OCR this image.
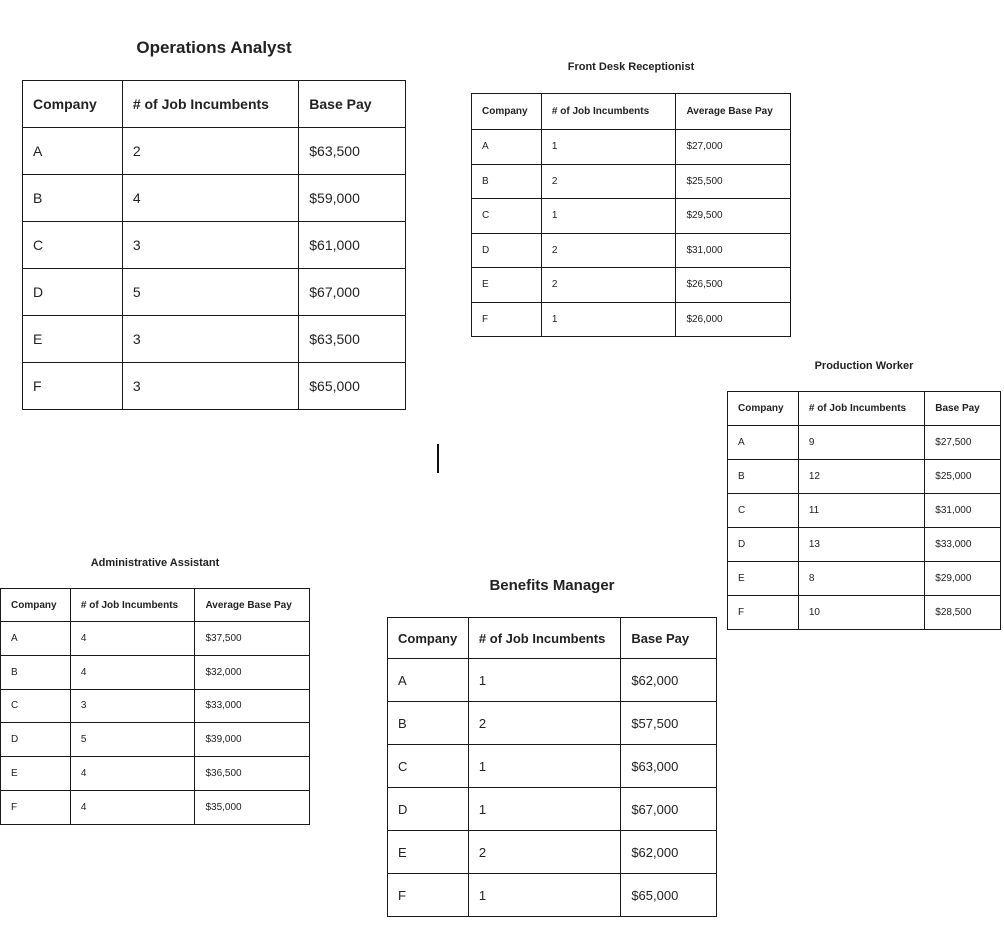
Operations Analyst
Company	# of Job Incumbents	Base Pay
A	2	$63,500
B	4	$59,000
C	3	$61,000
D	5	$67,000
E	3	$63,500
F	3	$65,000
Front Desk Receptionist
Company	# of Job Incumbents	Average Base Pay
A	1	$27,000
B	2	$25,500
C	1	$29,500
D	2	$31,000
E	2	$26,500
F	1	$26,000
Production Worker
Company	# of Job Incumbents	Base Pay
A	9	$27,500
B	12	$25,000
C	11	$31,000
D	13	$33,000
E	8	$29,000
F	10	$28,500
Administrative Assistant
Company	# of Job Incumbents	Average Base Pay
A	4	$37,500
B	4	$32,000
C	3	$33,000
D	5	$39,000
E	4	$36,500
F	4	$35,000
Benefits Manager
Company	# of Job Incumbents	Base Pay
A	1	$62,000
B	2	$57,500
C	1	$63,000
D	1	$67,000
E	2	$62,000
F	1	$65,000
